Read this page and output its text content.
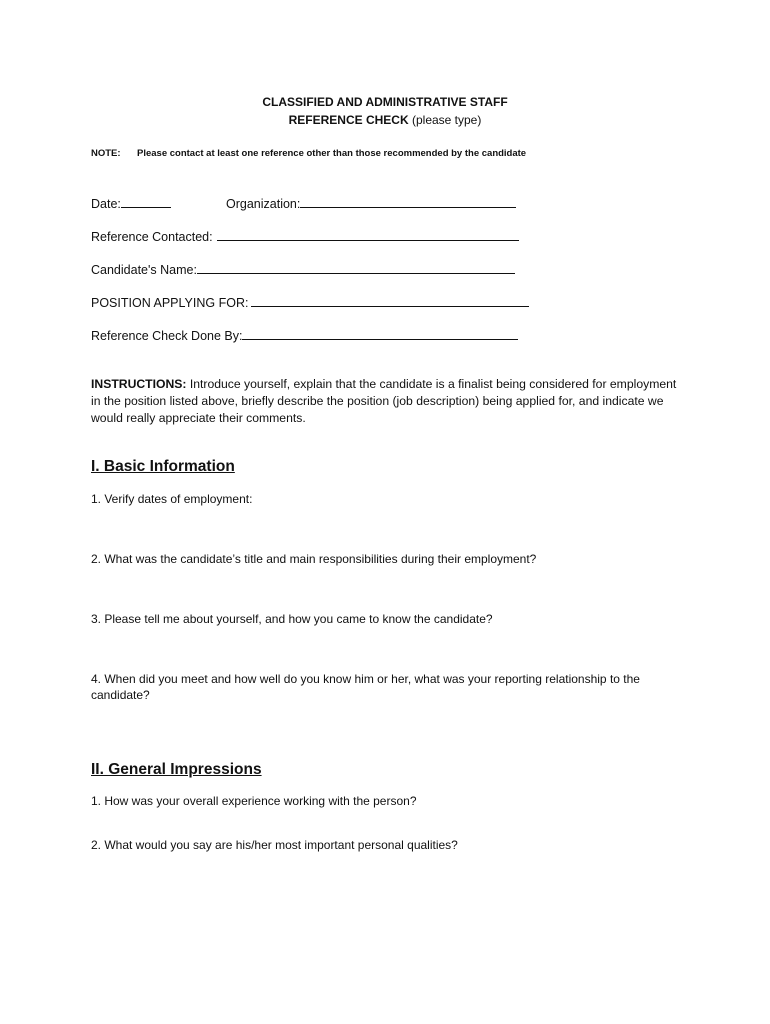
CLASSIFIED AND ADMINISTRATIVE STAFF
REFERENCE CHECK (please type)
NOTE: Please contact at least one reference other than those recommended by the candidate
Date:	Organization:
Reference Contacted:
Candidate's Name:
POSITION APPLYING FOR:
Reference Check Done By:
INSTRUCTIONS: Introduce yourself, explain that the candidate is a finalist being considered for employment in the position listed above, briefly describe the position (job description) being applied for, and indicate we would really appreciate their comments.
I. Basic Information
1. Verify dates of employment:
2. What was the candidate’s title and main responsibilities during their employment?
3. Please tell me about yourself, and how you came to know the candidate?
4. When did you meet and how well do you know him or her, what was your reporting relationship to the candidate?
II. General Impressions
1. How was your overall experience working with the person?
2. What would you say are his/her most important personal qualities?
